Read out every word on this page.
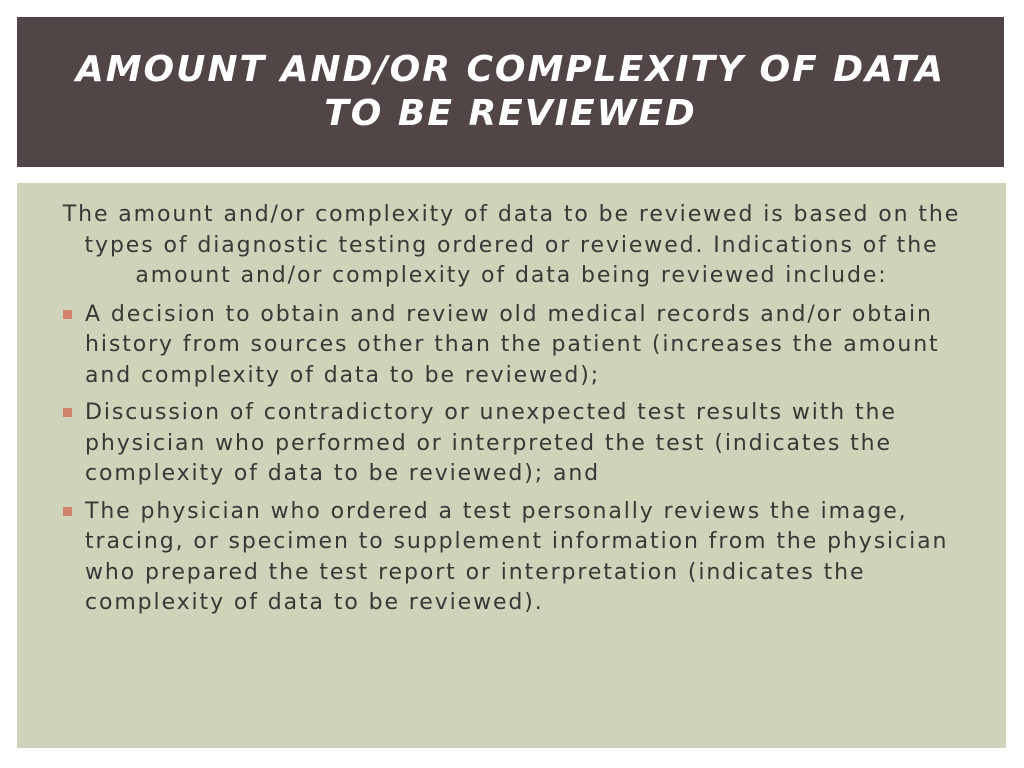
AMOUNT AND/OR COMPLEXITY OF DATA TO BE REVIEWED

The amount and/or complexity of data to be reviewed is based on the types of diagnostic testing ordered or reviewed. Indications of the amount and/or complexity of data being reviewed include:

A decision to obtain and review old medical records and/or obtain history from sources other than the patient (increases the amount and complexity of data to be reviewed);
Discussion of contradictory or unexpected test results with the physician who performed or interpreted the test (indicates the complexity of data to be reviewed); and
The physician who ordered a test personally reviews the image, tracing, or specimen to supplement information from the physician who prepared the test report or interpretation (indicates the complexity of data to be reviewed).
